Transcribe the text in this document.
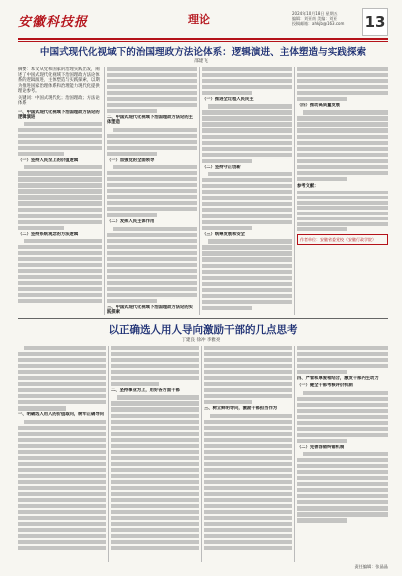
安徽科技报	理论	2024年10月18日 星期五
编辑：刘亚南 美编：刘亚
投稿邮箱：ahkjb@163.com	13
中国式现代化视域下的治国理政方法论体系：逻辑演进、主体塑造与实践探索
邵建飞
摘要：本文从党和国家的治理实践出发，阐述了中国式现代化视域下治国理政方法论体系的逻辑演进、主体塑造与实践探索，以期为推进国家治理体系和治理能力现代化提供理论参考。
关键词：中国式现代化；治国理政；方法论体系
一、中国式现代化视域下治国理政方法论的逻辑演进
（一）坚持人民至上的价值逻辑
（二）坚持系统观念的方法逻辑
二、中国式现代化视域下治国理政方法论的主体塑造
（一）加强党的全面领导
（二）发挥人民主体作用
三、中国式现代化视域下治国理政方法论的实践探索
（一）推进全过程人民民主
（二）坚持守正创新
（三）统筹发展和安全
（四）推动高质量发展
参考文献：
作者单位：安徽省委党校（安徽行政学院）
以正确选人用人导向激励干部的几点思考
丁建良 徐冲 李雅亮
一、明确选人用人的价值取向，树牢正确导向
二、坚持事业为上，用好各方面干部
三、树立鲜明导向，激励干部担当作为
四、严管和厚爱相结合，激发干部内生动力
（一）健全干部考核评价机制
（二）完善容错纠错机制
责任编辑：张晶晶
